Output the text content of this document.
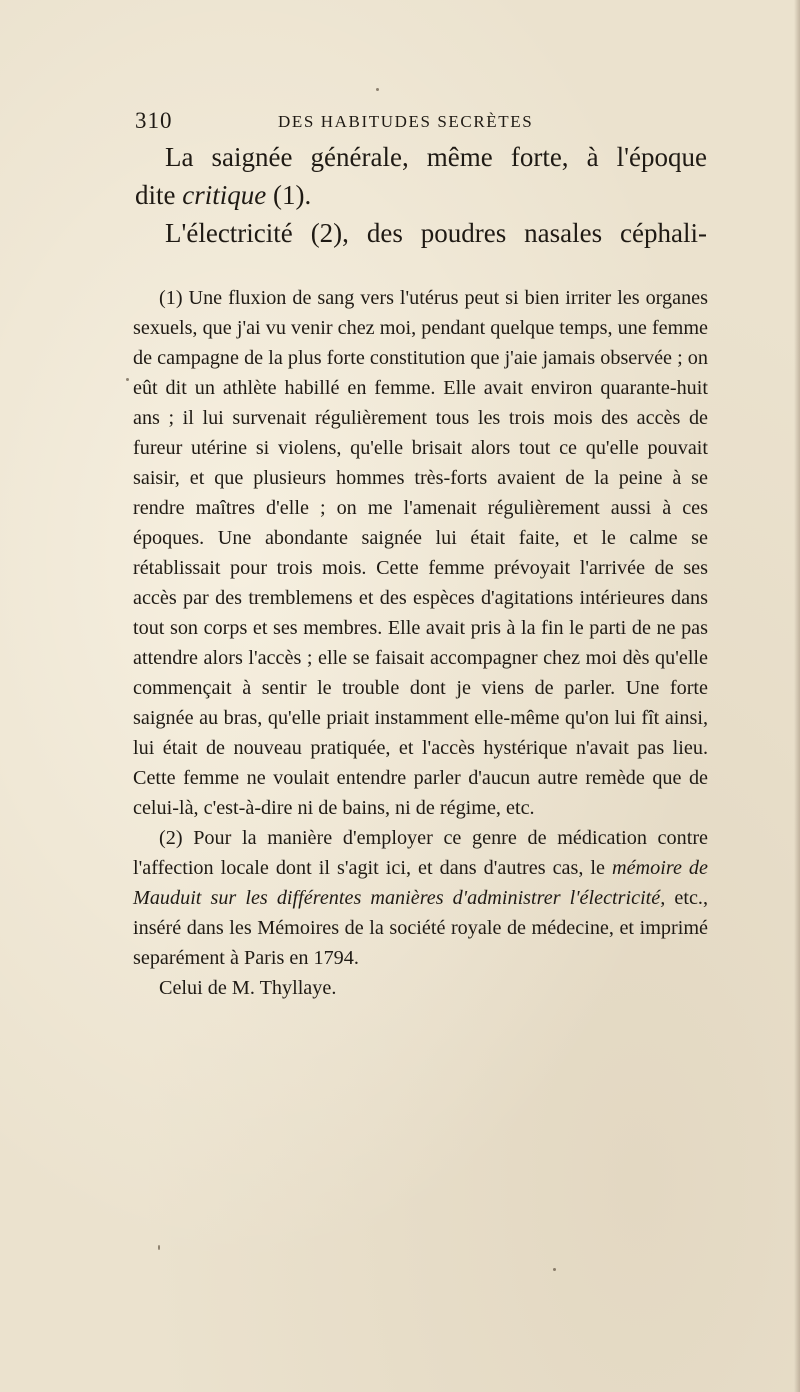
310	DES HABITUDES SECRÈTES

La saignée générale, même forte, à l'époque

dite critique (1).

L'électricité (2), des poudres nasales céphali-

(1) Une fluxion de sang vers l'utérus peut si bien irriter les organes sexuels, que j'ai vu venir chez moi, pendant quelque temps, une femme de campagne de la plus forte constitution que j'aie jamais observée ; on eût dit un athlète habillé en femme. Elle avait environ quarante-huit ans ; il lui survenait régulièrement tous les trois mois des accès de fureur utérine si violens, qu'elle brisait alors tout ce qu'elle pouvait saisir, et que plusieurs hommes très-forts avaient de la peine à se rendre maîtres d'elle ; on me l'amenait régulièrement aussi à ces époques. Une abondante saignée lui était faite, et le calme se rétablissait pour trois mois. Cette femme prévoyait l'arrivée de ses accès par des tremblemens et des espèces d'agitations intérieures dans tout son corps et ses membres. Elle avait pris à la fin le parti de ne pas attendre alors l'accès ; elle se faisait accompagner chez moi dès qu'elle commençait à sentir le trouble dont je viens de parler. Une forte saignée au bras, qu'elle priait instamment elle-même qu'on lui fît ainsi, lui était de nouveau pratiquée, et l'accès hystérique n'avait pas lieu. Cette femme ne voulait entendre parler d'aucun autre remède que de celui-là, c'est-à-dire ni de bains, ni de régime, etc.

(2) Pour la manière d'employer ce genre de médication contre l'affection locale dont il s'agit ici, et dans d'autres cas, le mémoire de Mauduit sur les différentes manières d'administrer l'électricité, etc., inséré dans les Mémoires de la société royale de médecine, et imprimé separément à Paris en 1794.

Celui de M. Thyllaye.
